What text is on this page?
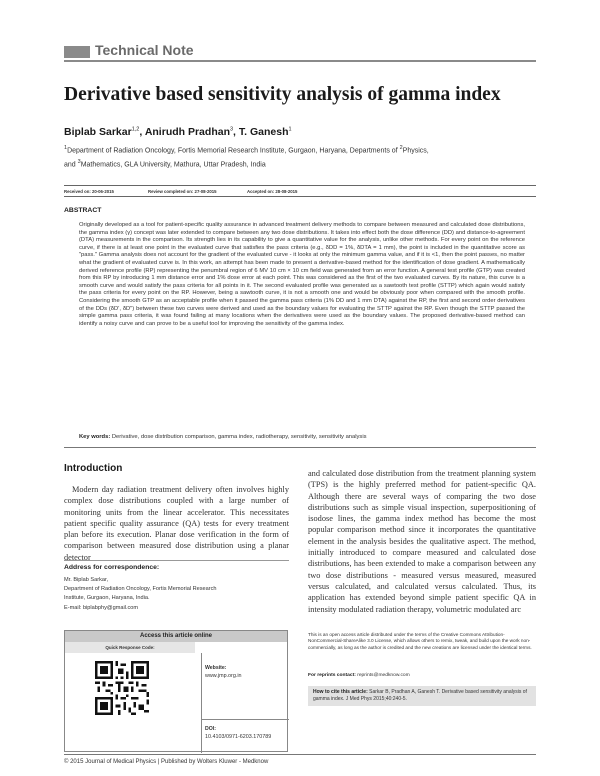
Technical Note
Derivative based sensitivity analysis of gamma index
Biplab Sarkar$^{1,2}$, Anirudh Pradhan$^3$, T. Ganesh$^1$
$^1$Department of Radiation Oncology, Fortis Memorial Research Institute, Gurgaon, Haryana, Departments of $^2$Physics,
and $^3$Mathematics, GLA University, Mathura, Uttar Pradesh, India
Received on: 20-06-2015	Review completed on: 27-08-2015	Accepted on: 28-08-2015
ABSTRACT

Originally developed as a tool for patient-specific quality assurance in advanced treatment delivery methods to compare between measured and calculated dose distributions, the gamma index (γ) concept was later extended to compare between any two dose distributions. It takes into effect both the dose difference (DD) and distance-to-agreement (DTA) measurements in the comparison. Its strength lies in its capability to give a quantitative value for the analysis, unlike other methods. For every point on the reference curve, if there is at least one point in the evaluated curve that satisfies the pass criteria (e.g., δDD = 1%, δDTA = 1 mm), the point is included in the quantitative score as "pass." Gamma analysis does not account for the gradient of the evaluated curve - it looks at only the minimum gamma value, and if it is <1, then the point passes, no matter what the gradient of evaluated curve is. In this work, an attempt has been made to present a derivative-based method for the identification of dose gradient. A mathematically derived reference profile (RP) representing the penumbral region of 6 MV 10 cm × 10 cm field was generated from an error function. A general test profile (GTP) was created from this RP by introducing 1 mm distance error and 1% dose error at each point. This was considered as the first of the two evaluated curves. By its nature, this curve is a smooth curve and would satisfy the pass criteria for all points in it. The second evaluated profile was generated as a sawtooth test profile (STTP) which again would satisfy the pass criteria for every point on the RP. However, being a sawtooth curve, it is not a smooth one and would be obviously poor when compared with the smooth profile. Considering the smooth GTP as an acceptable profile when it passed the gamma pass criteria (1% DD and 1 mm DTA) against the RP, the first and second order derivatives of the DDs (δD', δD") between these two curves were derived and used as the boundary values for evaluating the STTP against the RP. Even though the STTP passed the simple gamma pass criteria, it was found failing at many locations when the derivatives were used as the boundary values. The proposed derivative-based method can identify a noisy curve and can prove to be a useful tool for improving the sensitivity of the gamma index.

Key words: Derivative, dose distribution comparison, gamma index, radiotherapy, sensitivity, sensitivity analysis
Introduction

Modern day radiation treatment delivery often involves highly complex dose distributions coupled with a large number of monitoring units from the linear accelerator. This necessitates patient specific quality assurance (QA) tests for every treatment plan before its execution. Planar dose verification in the form of comparison between measured dose distribution using a planar detector

and calculated dose distribution from the treatment planning system (TPS) is the highly preferred method for patient-specific QA. Although there are several ways of comparing the two dose distributions such as simple visual inspection, superpositioning of isodose lines, the gamma index method has become the most popular comparison method since it incorporates the quantitative element in the analysis besides the qualitative aspect. The method, initially introduced to compare measured and calculated dose distributions, has been extended to make a comparison between any two dose distributions - measured versus measured, measured versus calculated, and calculated versus calculated. Thus, its application has extended beyond simple patient specific QA in intensity modulated radiation therapy, volumetric modulated arc

Address for correspondence:
Mr. Biplab Sarkar,
Department of Radiation Oncology, Fortis Memorial Research
Institute, Gurgaon, Haryana, India.
E-mail: biplabphy@gmail.com
Access this article online
Quick Response Code:
Website:
www.jmp.org.in
DOI:
10.4103/0971-6203.170789

This is an open access article distributed under the terms of the Creative Commons Attribution-NonCommercial-ShareAlike 3.0 License, which allows others to remix, tweak, and build upon the work non-commercially, as long as the author is credited and the new creations are licensed under the identical terms.

For reprints contact: reprints@medknow.com
How to cite this article: Sarkar B, Pradhan A, Ganesh T. Derivative based sensitivity analysis of gamma index. J Med Phys 2015;40:240-5.
© 2015 Journal of Medical Physics | Published by Wolters Kluwer - Medknow
